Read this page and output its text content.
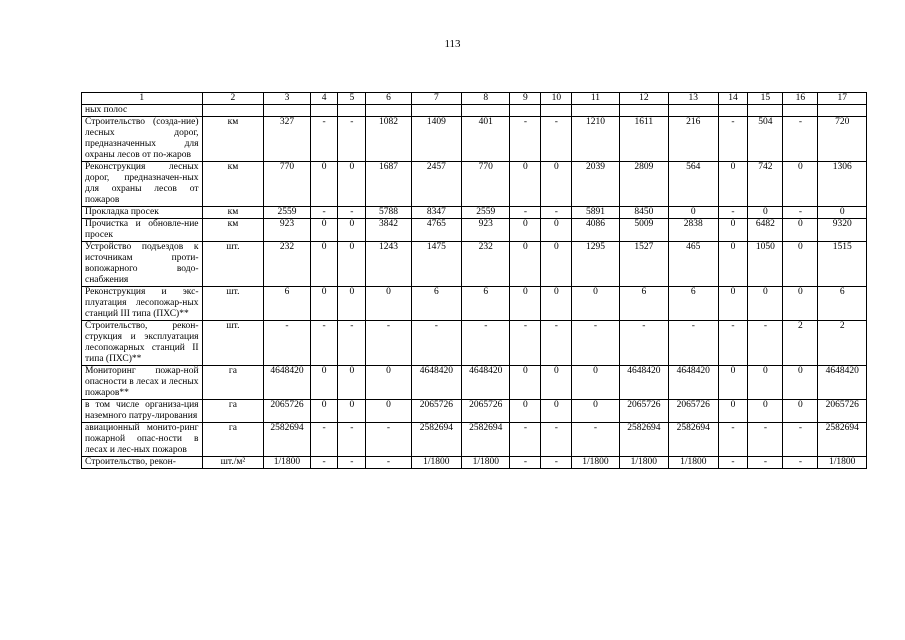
113
1	2	3	4	5	6	7	8	9	10	11	12	13	14	15	16	17
ных полос																
Строительство (созда-ние) лесных дорог, предназначенных для охраны лесов от по-жаров	км	327	-	-	1082	1409	401	-	-	1210	1611	216	-	504	-	720
Реконструкция лесных дорог, предназначен-ных для охраны лесов от пожаров	км	770	0	0	1687	2457	770	0	0	2039	2809	564	0	742	0	1306
Прокладка просек	км	2559	-	-	5788	8347	2559	-	-	5891	8450	0	-	0	-	0
Прочистка и обновле-ние просек	км	923	0	0	3842	4765	923	0	0	4086	5009	2838	0	6482	0	9320
Устройство подъездов к источникам проти-вопожарного водо-снабжения	шт.	232	0	0	1243	1475	232	0	0	1295	1527	465	0	1050	0	1515
Реконструкция и экс-плуатация лесопожар-ных станций III типа (ПХС)**	шт.	6	0	0	0	6	6	0	0	0	6	6	0	0	0	6
Строительство, рекон-струкция и эксплуатация лесопожарных станций II типа (ПХС)**	шт.	-	-	-	-	-	-	-	-	-	-	-	-	-	2	2
Мониторинг пожар-ной опасности в лесах и лесных пожаров**	га	4648420	0	0	0	4648420	4648420	0	0	0	4648420	4648420	0	0	0	4648420
в том числе организа-ция наземного патру-лирования	га	2065726	0	0	0	2065726	2065726	0	0	0	2065726	2065726	0	0	0	2065726
авиационный монито-ринг пожарной опас-ности в лесах и лес-ных пожаров	га	2582694	-	-	-	2582694	2582694	-	-	-	2582694	2582694	-	-	-	2582694
Строительство, рекон-	шт./м²	1/1800	-	-	-	1/1800	1/1800	-	-	1/1800	1/1800	1/1800	-	-	-	1/1800
